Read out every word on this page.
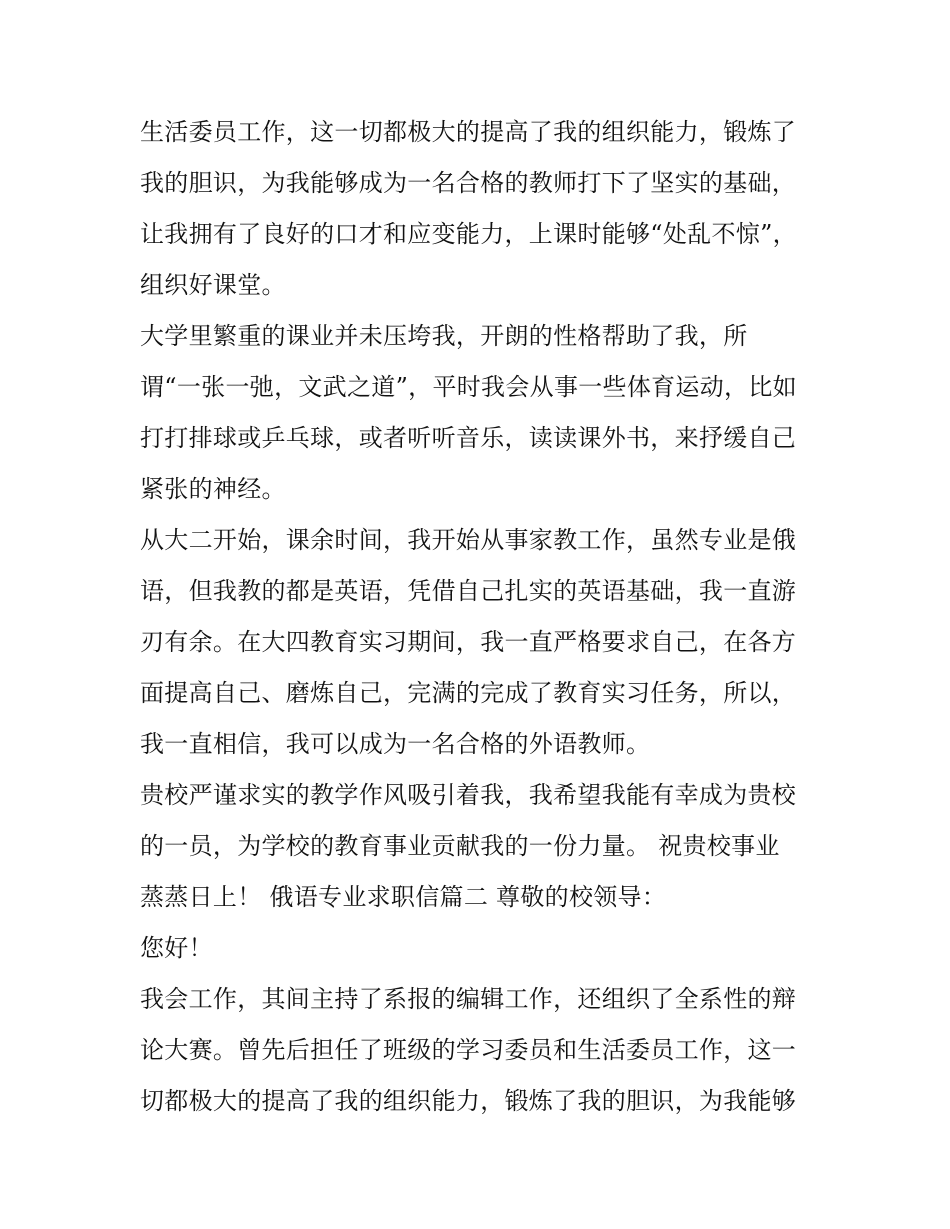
生活委员工作，这一切都极大的提高了我的组织能力，锻炼了
我的胆识，为我能够成为一名合格的教师打下了坚实的基础，
让我拥有了良好的口才和应变能力，上课时能够“处乱不惊”，
组织好课堂。
大学里繁重的课业并未压垮我，开朗的性格帮助了我，所
谓“一张一弛，文武之道”，平时我会从事一些体育运动，比如
打打排球或乒乓球，或者听听音乐，读读课外书，来抒缓自己
紧张的神经。
从大二开始，课余时间，我开始从事家教工作，虽然专业是俄
语，但我教的都是英语，凭借自己扎实的英语基础，我一直游
刃有余。在大四教育实习期间，我一直严格要求自己，在各方
面提高自己、磨炼自己，完满的完成了教育实习任务，所以，
我一直相信，我可以成为一名合格的外语教师。
贵校严谨求实的教学作风吸引着我，我希望我能有幸成为贵校
的一员，为学校的教育事业贡献我的一份力量。 祝贵校事业
蒸蒸日上！ 俄语专业求职信篇二 尊敬的校领导：
您好！
我会工作，其间主持了系报的编辑工作，还组织了全系性的辩
论大赛。曾先后担任了班级的学习委员和生活委员工作，这一
切都极大的提高了我的组织能力，锻炼了我的胆识，为我能够
